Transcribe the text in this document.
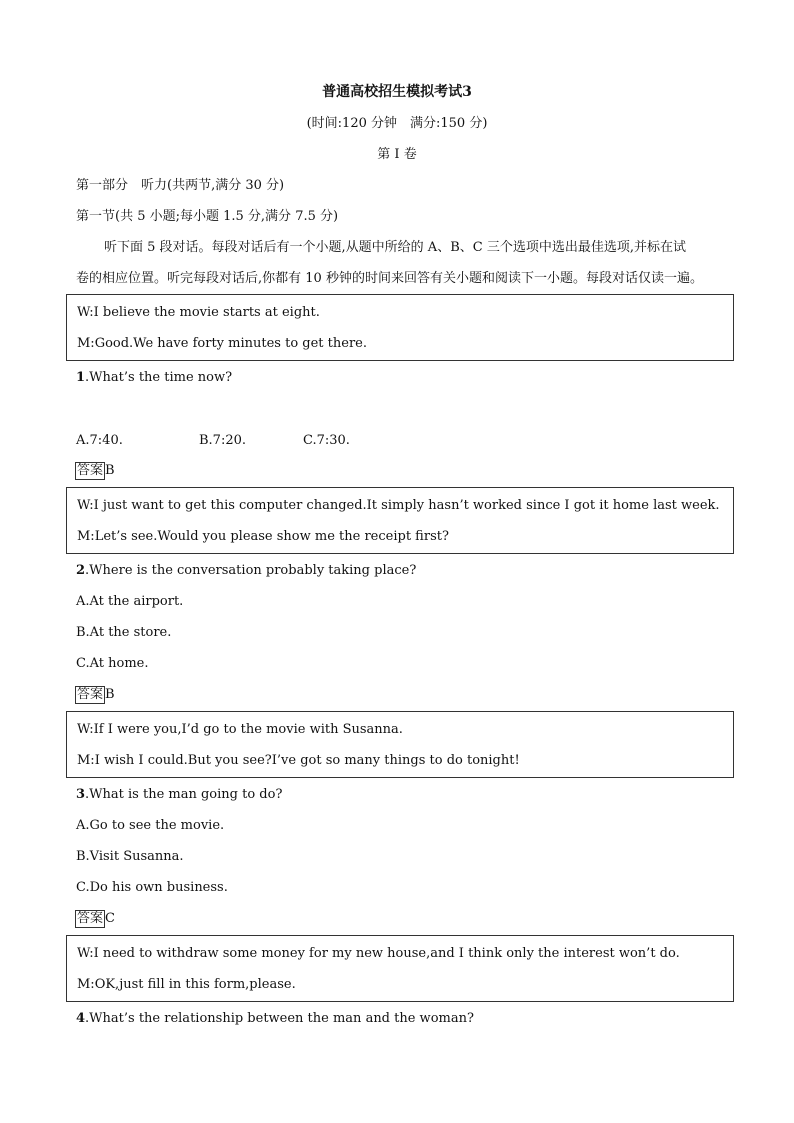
普通高校招生模拟考试3
(时间:120 分钟　满分:150 分)
第 I 卷
第一部分　听力(共两节,满分 30 分)
第一节(共 5 小题;每小题 1.5 分,满分 7.5 分)
听下面 5 段对话。每段对话后有一个小题,从题中所给的 A、B、C 三个选项中选出最佳选项,并标在试
卷的相应位置。听完每段对话后,你都有 10 秒钟的时间来回答有关小题和阅读下一小题。每段对话仅读一遍。
W:I believe the movie starts at eight.
M:Good.We have forty minutes to get there.
1.What’s the time now?
A.7:40.	B.7:20.	C.7:30.
答案 B
W:I just want to get this computer changed.It simply hasn’t worked since I got it home last week.
M:Let’s see.Would you please show me the receipt first?
2.Where is the conversation probably taking place?
A.At the airport.
B.At the store.
C.At home.
答案 B
W:If I were you,I’d go to the movie with Susanna.
M:I wish I could.But you see?I’ve got so many things to do tonight!
3.What is the man going to do?
A.Go to see the movie.
B.Visit Susanna.
C.Do his own business.
答案 C
W:I need to withdraw some money for my new house,and I think only the interest won’t do.
M:OK,just fill in this form,please.
4.What’s the relationship between the man and the woman?
